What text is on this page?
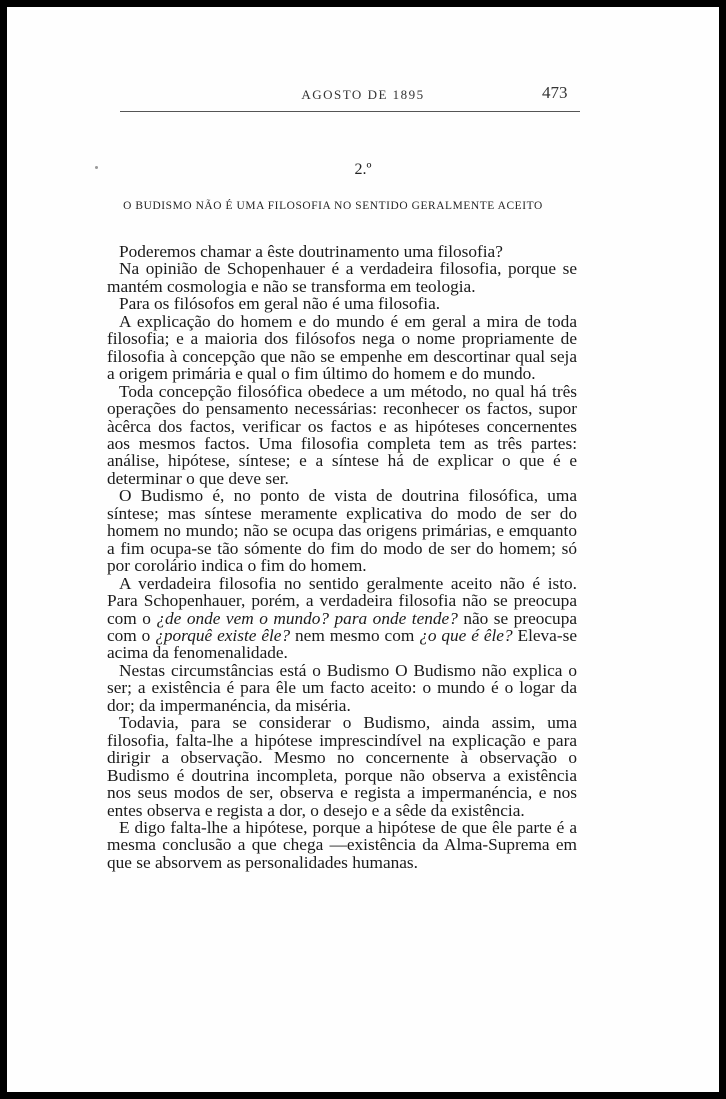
AGOSTO DE 1895	473
2.º
O BUDISMO NÃO É UMA FILOSOFIA NO SENTIDO GERALMENTE ACEITO

Poderemos chamar a êste doutrinamento uma filosofia?

Na opinião de Schopenhauer é a verdadeira filosofia, porque se mantém cosmologia e não se transforma em teologia.

Para os filósofos em geral não é uma filosofia.

A explicação do homem e do mundo é em geral a mira de toda filosofia; e a maioria dos filósofos nega o nome propriamente de filosofia à concepção que não se empenhe em descortinar qual seja a origem primária e qual o fim último do homem e do mundo.

Toda concepção filosófica obedece a um método, no qual há três operações do pensamento necessárias: reconhecer os factos, supor àcêrca dos factos, verificar os factos e as hipóteses concernentes aos mesmos factos. Uma filosofia completa tem as três partes: análise, hipótese, síntese; e a síntese há de explicar o que é e determinar o que deve ser.

O Budismo é, no ponto de vista de doutrina filosófica, uma síntese; mas síntese meramente explicativa do modo de ser do homem no mundo; não se ocupa das origens primárias, e emquanto a fim ocupa-se tão sómente do fim do modo de ser do homem; só por corolário indica o fim do homem.

A verdadeira filosofia no sentido geralmente aceito não é isto. Para Schopenhauer, porém, a verdadeira filosofia não se preocupa com o ¿de onde vem o mundo? para onde tende? não se preocupa com o ¿porquê existe êle? nem mesmo com ¿o que é êle? Eleva-se acima da fenomenalidade.

Nestas circumstâncias está o Budismo O Budismo não explica o ser; a existência é para êle um facto aceito: o mundo é o logar da dor; da impermanéncia, da miséria.

Todavia, para se considerar o Budismo, ainda assim, uma filosofia, falta-lhe a hipótese imprescindível na explicação e para dirigir a observação. Mesmo no concernente à observação o Budismo é doutrina incompleta, porque não observa a existência nos seus modos de ser, observa e regista a impermanéncia, e nos entes observa e regista a dor, o desejo e a sêde da existência.

E digo falta-lhe a hipótese, porque a hipótese de que êle parte é a mesma conclusão a que chega —existência da Alma-Suprema em que se absorvem as personalidades humanas.
